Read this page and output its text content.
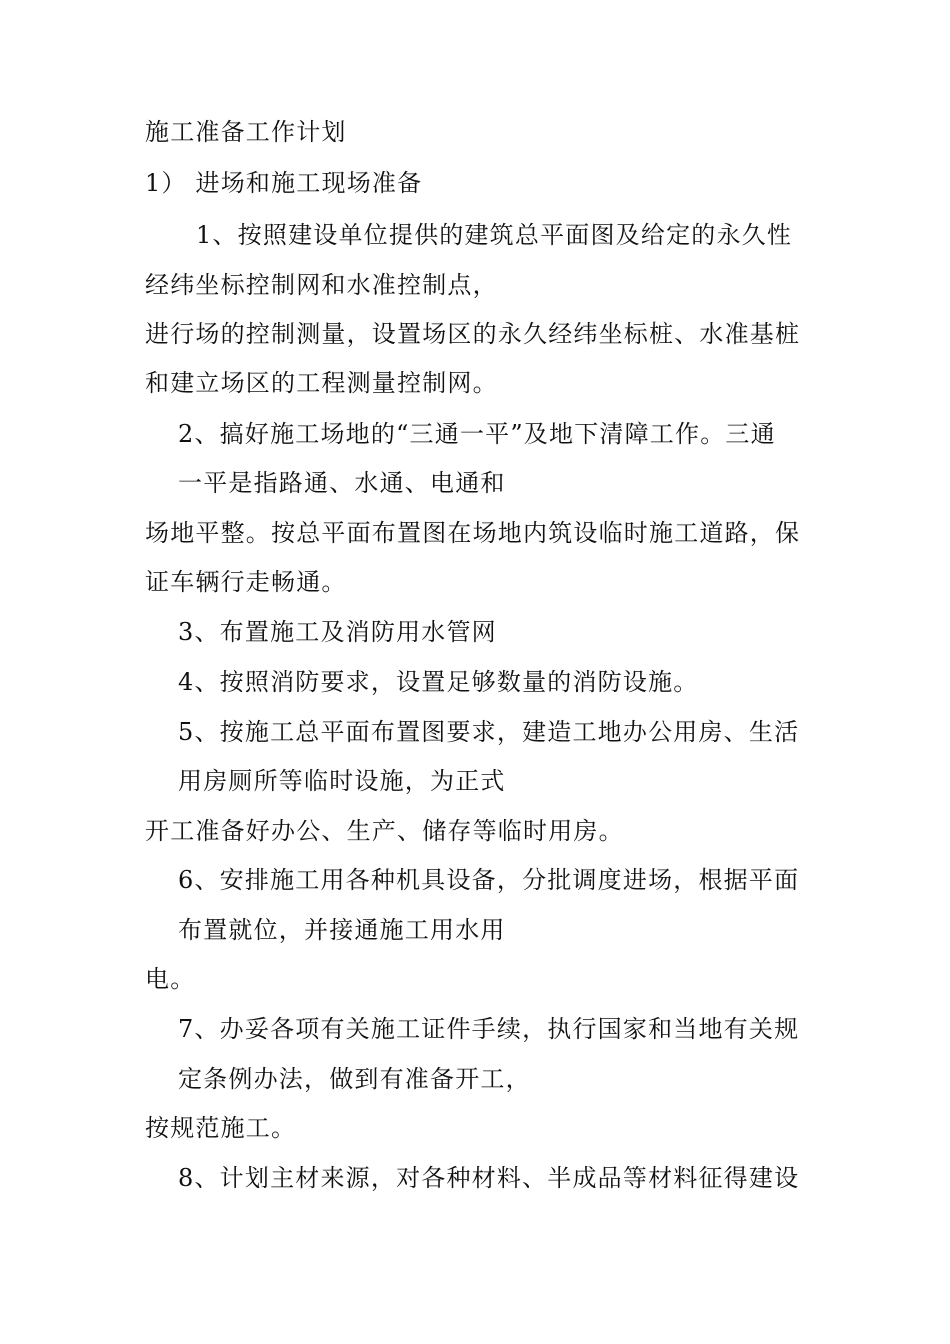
施工准备工作计划
1） 进场和施工现场准备
1、按照建设单位提供的建筑总平面图及给定的永久性
经纬坐标控制网和水准控制点，
进行场的控制测量，设置场区的永久经纬坐标桩、水准基桩
和建立场区的工程测量控制网。
2、搞好施工场地的“三通一平”及地下清障工作。三通
一平是指路通、水通、电通和
场地平整。按总平面布置图在场地内筑设临时施工道路，保
证车辆行走畅通。
3、布置施工及消防用水管网
4、按照消防要求，设置足够数量的消防设施。
5、按施工总平面布置图要求，建造工地办公用房、生活
用房厕所等临时设施，为正式
开工准备好办公、生产、储存等临时用房。
6、安排施工用各种机具设备，分批调度进场，根据平面
布置就位，并接通施工用水用
电。
7、办妥各项有关施工证件手续，执行国家和当地有关规
定条例办法，做到有准备开工，
按规范施工。
8、计划主材来源，对各种材料、半成品等材料征得建设
